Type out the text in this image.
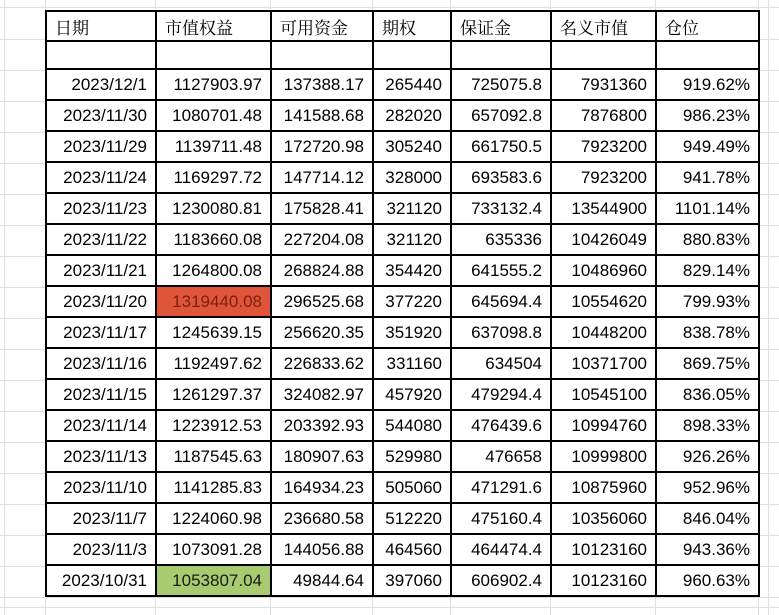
日期	市值权益	可用资金	期权	保证金	名义市值	仓位

2023/12/1	1127903.97	137388.17	265440	725075.8	7931360	919.62%
2023/11/30	1080701.48	141588.68	282020	657092.8	7876800	986.23%
2023/11/29	1139711.48	172720.98	305240	661750.5	7923200	949.49%
2023/11/24	1169297.72	147714.12	328000	693583.6	7923200	941.78%
2023/11/23	1230080.81	175828.41	321120	733132.4	13544900	1101.14%
2023/11/22	1183660.08	227204.08	321120	635336	10426049	880.83%
2023/11/21	1264800.08	268824.88	354420	641555.2	10486960	829.14%
2023/11/20	1319440.08	296525.68	377220	645694.4	10554620	799.93%
2023/11/17	1245639.15	256620.35	351920	637098.8	10448200	838.78%
2023/11/16	1192497.62	226833.62	331160	634504	10371700	869.75%
2023/11/15	1261297.37	324082.97	457920	479294.4	10545100	836.05%
2023/11/14	1223912.53	203392.93	544080	476439.6	10994760	898.33%
2023/11/13	1187545.63	180907.63	529980	476658	10999800	926.26%
2023/11/10	1141285.83	164934.23	505060	471291.6	10875960	952.96%
2023/11/7	1224060.98	236680.58	512220	475160.4	10356060	846.04%
2023/11/3	1073091.28	144056.88	464560	464474.4	10123160	943.36%
2023/10/31	1053807.04	49844.64	397060	606902.4	10123160	960.63%
